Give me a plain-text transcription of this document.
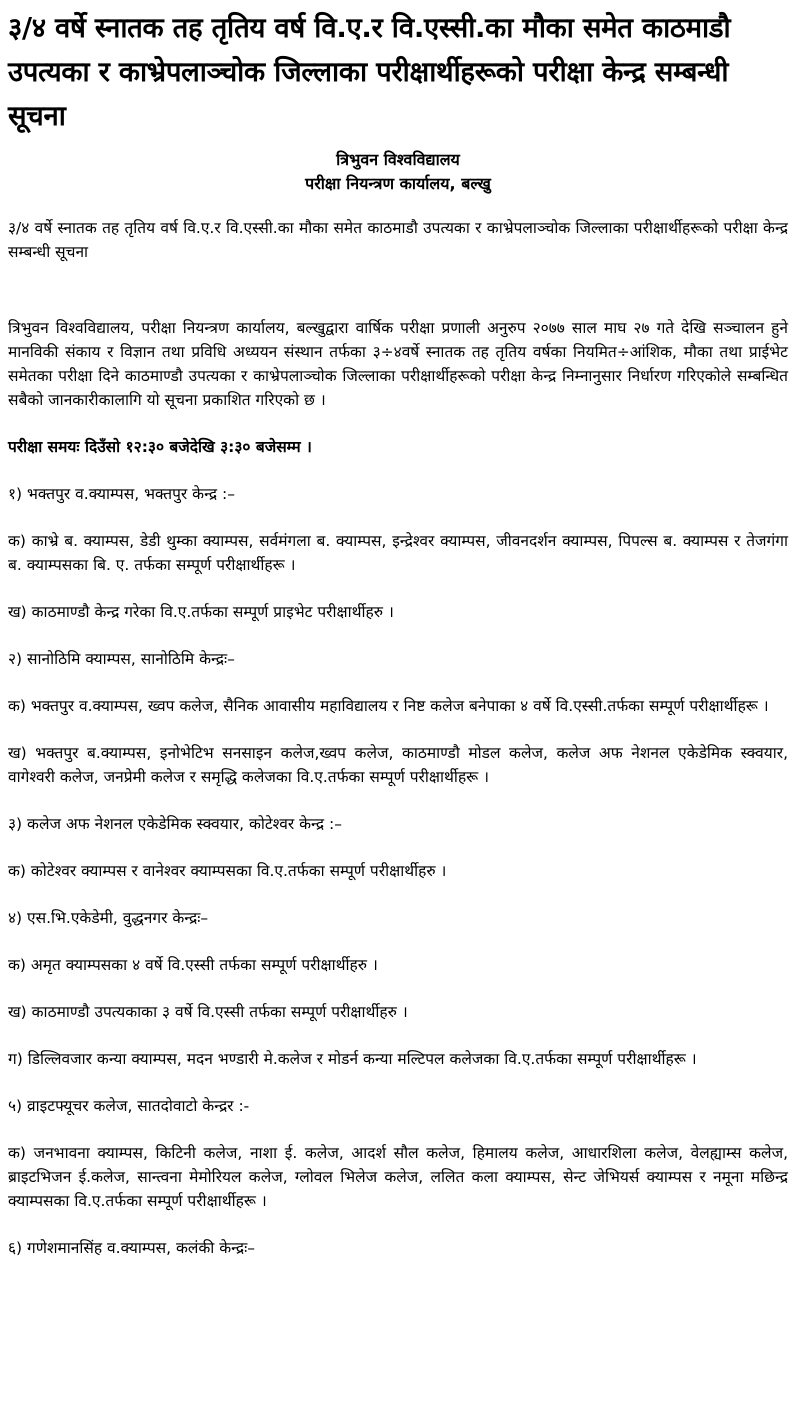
३/४ वर्षे स्नातक तह तृतिय वर्ष वि.ए.र वि.एस्सी.का मौका समेत काठमाडौ उपत्यका र काभ्रेपलाञ्चोक जिल्लाका परीक्षार्थीहरूको परीक्षा केन्द्र सम्बन्धी सूचना
त्रिभुवन विश्वविद्यालय
परीक्षा नियन्त्रण कार्यालय, बल्खु

३/४ वर्षे स्नातक तह तृतिय वर्ष वि.ए.र वि.एस्सी.का मौका समेत काठमाडौ उपत्यका र काभ्रेपलाञ्चोक जिल्लाका परीक्षार्थीहरूको परीक्षा केन्द्र सम्बन्धी सूचना

त्रिभुवन विश्वविद्यालय, परीक्षा नियन्त्रण कार्यालय, बल्खुद्वारा वार्षिक परीक्षा प्रणाली अनुरुप २०७७ साल माघ २७ गते देखि सञ्चालन हुने मानविकी संकाय र विज्ञान तथा प्रविधि अध्ययन संस्थान तर्फका ३÷४वर्षे स्नातक तह तृतिय वर्षका नियमित÷आंशिक, मौका तथा प्राईभेट समेतका परीक्षा दिने काठमाण्डौ उपत्यका र काभ्रेपलाञ्चोक जिल्लाका परीक्षार्थीहरूको परीक्षा केन्द्र निम्नानुसार निर्धारण गरिएकोले सम्बन्धित सबैको जानकारीकालागि यो सूचना प्रकाशित गरिएको छ ।

परीक्षा समयः दिउँसो १२:३० बजेदेखि ३:३० बजेसम्म ।

१) भक्तपुर व.क्याम्पस, भक्तपुर केन्द्र :–

क) काभ्रे ब. क्याम्पस, डेडी थुम्का क्याम्पस, सर्वमंगला ब. क्याम्पस, इन्द्रेश्वर क्याम्पस, जीवनदर्शन क्याम्पस, पिपल्स ब. क्याम्पस र तेजगंगा ब. क्याम्पसका बि. ए. तर्फका सम्पूर्ण परीक्षार्थीहरू ।

ख) काठमाण्डौ केन्द्र गरेका वि.ए.तर्फका सम्पूर्ण प्राइभेट परीक्षार्थीहरु ।

२) सानोठिमि क्याम्पस, सानोठिमि केन्द्रः–

क) भक्तपुर व.क्याम्पस, ख्वप कलेज, सैनिक आवासीय महाविद्यालय र निष्ट कलेज बनेपाका ४ वर्षे वि.एस्सी.तर्फका सम्पूर्ण परीक्षार्थीहरू ।

ख) भक्तपुर ब.क्याम्पस, इनोभेटिभ सनसाइन कलेज,ख्वप कलेज, काठमाण्डौ मोडल कलेज, कलेज अफ नेशनल एकेडेमिक स्क्वयार, वागेश्वरी कलेज, जनप्रेमी कलेज र समृद्धि कलेजका वि.ए.तर्फका सम्पूर्ण परीक्षार्थीहरू ।

३) कलेज अफ नेशनल एकेडेमिक स्क्वयार, कोटेश्वर केन्द्र :–

क) कोटेश्वर क्याम्पस र वानेश्वर क्याम्पसका वि.ए.तर्फका सम्पूर्ण परीक्षार्थीहरु ।

४) एस.भि.एकेडेमी, वुद्धनगर केन्द्रः–

क) अमृत क्याम्पसका ४ वर्षे वि.एस्सी तर्फका सम्पूर्ण परीक्षार्थीहरु ।

ख) काठमाण्डौ उपत्यकाका ३ वर्षे वि.एस्सी तर्फका सम्पूर्ण परीक्षार्थीहरु ।

ग) डिल्लिवजार कन्या क्याम्पस, मदन भण्डारी मे.कलेज र मोडर्न कन्या मल्टिपल कलेजका वि.ए.तर्फका सम्पूर्ण परीक्षार्थीहरू ।

५) व्राइटफ्यूचर कलेज, सातदोवाटो केन्द्रर :-

क) जनभावना क्याम्पस, किटिनी कलेज, नाशा ई. कलेज, आदर्श सौल कलेज, हिमालय कलेज, आधारशिला कलेज, वेलह्याम्स कलेज, ब्राइटभिजन ई.कलेज, सान्त्वना मेमोरियल कलेज, ग्लोवल भिलेज कलेज, ललित कला क्याम्पस, सेन्ट जेभियर्स क्याम्पस र नमूना मछिन्द्र क्याम्पसका वि.ए.तर्फका सम्पूर्ण परीक्षार्थीहरू ।

६) गणेशमानसिंह व.क्याम्पस, कलंकी केन्द्रः–
